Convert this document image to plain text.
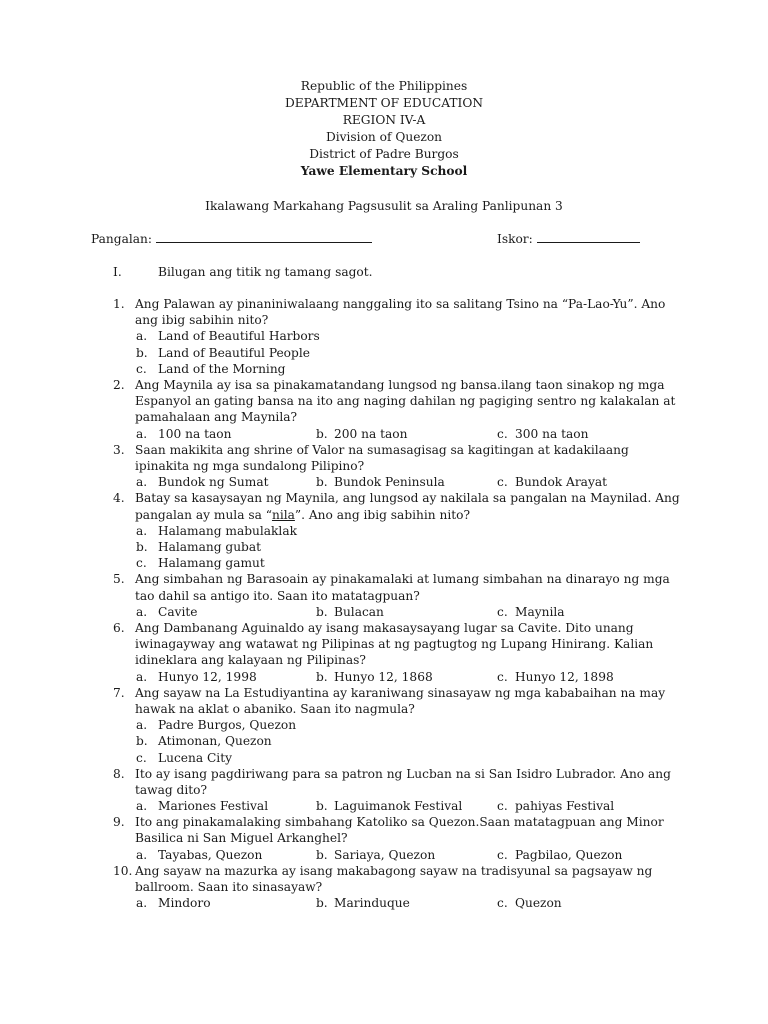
Republic of the Philippines
DEPARTMENT OF EDUCATION
REGION IV-A
Division of Quezon
District of Padre Burgos
Yawe Elementary School
Ikalawang Markahang Pagsusulit sa Araling Panlipunan 3
Pangalan:	Iskor:
I.	Bilugan ang titik ng tamang sagot.
1. Ang Palawan ay pinaniniwalaang nanggaling ito sa salitang Tsino na “Pa-Lao-Yu”. Ano ang ibig sabihin nito?
a. Land of Beautiful Harbors
b. Land of Beautiful People
c. Land of the Morning
2. Ang Maynila ay isa sa pinakamatandang lungsod ng bansa.ilang taon sinakop ng mga Espanyol an gating bansa na ito ang naging dahilan ng pagiging sentro ng kalakalan at pamahalaan ang Maynila?
a. 100 na taon	b. 200 na taon	c. 300 na taon
3. Saan makikita ang shrine of Valor na sumasagisag sa kagitingan at kadakilaang ipinakita ng mga sundalong Pilipino?
a. Bundok ng Sumat	b. Bundok Peninsula	c. Bundok Arayat
4. Batay sa kasaysayan ng Maynila, ang lungsod ay nakilala sa pangalan na Maynilad. Ang pangalan ay mula sa “nila”. Ano ang ibig sabihin nito?
a. Halamang mabulaklak
b. Halamang gubat
c. Halamang gamut
5. Ang simbahan ng Barasoain ay pinakamalaki at lumang simbahan na dinarayo ng mga tao dahil sa antigo ito. Saan ito matatagpuan?
a. Cavite	b. Bulacan	c. Maynila
6. Ang Dambanang Aguinaldo ay isang makasaysayang lugar sa Cavite. Dito unang iwinagayway ang watawat ng Pilipinas at ng pagtugtog ng Lupang Hinirang. Kalian idineklara ang kalayaan ng Pilipinas?
a. Hunyo 12, 1998	b. Hunyo 12, 1868	c. Hunyo 12, 1898
7. Ang sayaw na La Estudiyantina ay karaniwang sinasayaw ng mga kababaihan na may hawak na aklat o abaniko. Saan ito nagmula?
a. Padre Burgos, Quezon
b. Atimonan, Quezon
c. Lucena City
8. Ito ay isang pagdiriwang para sa patron ng Lucban na si San Isidro Lubrador. Ano ang tawag dito?
a. Mariones Festival	b. Laguimanok Festival	c. pahiyas Festival
9. Ito ang pinakamalaking simbahang Katoliko sa Quezon.Saan matatagpuan ang Minor Basilica ni San Miguel Arkanghel?
a. Tayabas, Quezon	b. Sariaya, Quezon	c. Pagbilao, Quezon
10. Ang sayaw na mazurka ay isang makabagong sayaw na tradisyunal sa pagsayaw ng ballroom. Saan ito sinasayaw?
a. Mindoro	b. Marinduque	c. Quezon
